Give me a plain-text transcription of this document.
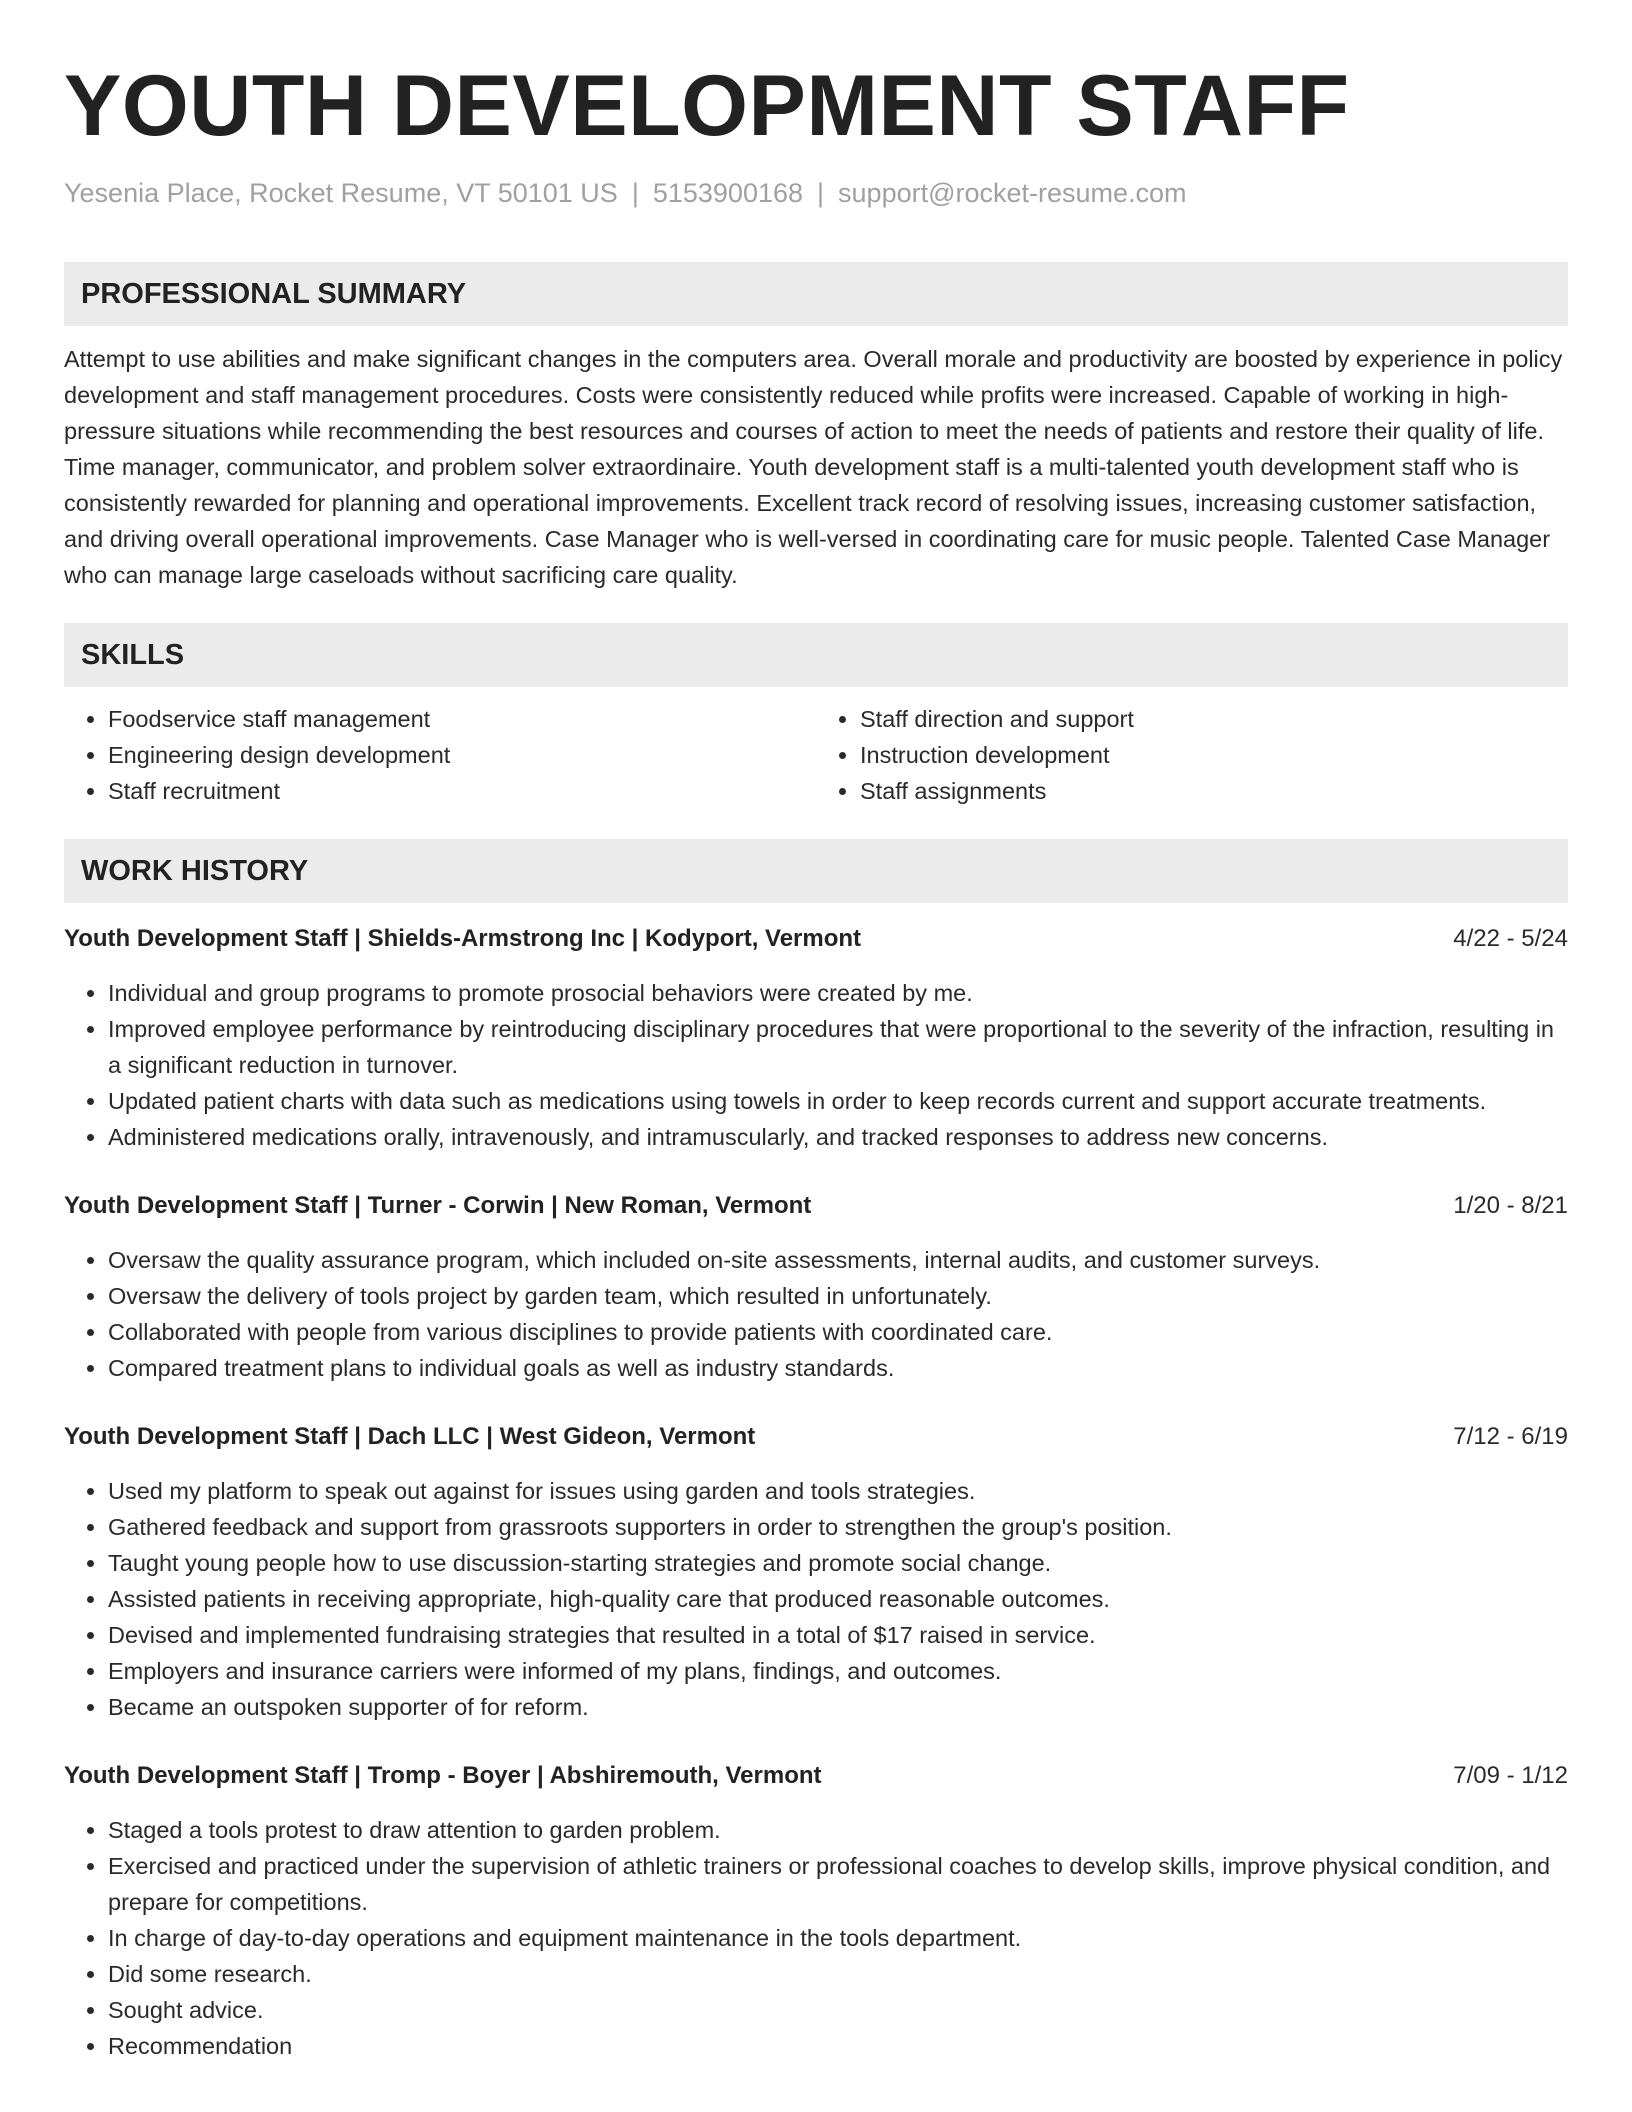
YOUTH DEVELOPMENT STAFF
Yesenia Place, Rocket Resume, VT 50101 US | 5153900168 | support@rocket-resume.com
PROFESSIONAL SUMMARY

Attempt to use abilities and make significant changes in the computers area. Overall morale and productivity are boosted by experience in policy development and staff management procedures. Costs were consistently reduced while profits were increased. Capable of working in high-pressure situations while recommending the best resources and courses of action to meet the needs of patients and restore their quality of life. Time manager, communicator, and problem solver extraordinaire. Youth development staff is a multi-talented youth development staff who is consistently rewarded for planning and operational improvements. Excellent track record of resolving issues, increasing customer satisfaction, and driving overall operational improvements. Case Manager who is well-versed in coordinating care for music people. Talented Case Manager who can manage large caseloads without sacrificing care quality.

SKILLS
• Foodservice staff management
• Engineering design development
• Staff recruitment
• Staff direction and support
• Instruction development
• Staff assignments
WORK HISTORY
Youth Development Staff | Shields-Armstrong Inc | Kodyport, Vermont	4/22 - 5/24
• Individual and group programs to promote prosocial behaviors were created by me.
• Improved employee performance by reintroducing disciplinary procedures that were proportional to the severity of the infraction, resulting in a significant reduction in turnover.
• Updated patient charts with data such as medications using towels in order to keep records current and support accurate treatments.
• Administered medications orally, intravenously, and intramuscularly, and tracked responses to address new concerns.
Youth Development Staff | Turner - Corwin | New Roman, Vermont	1/20 - 8/21
• Oversaw the quality assurance program, which included on-site assessments, internal audits, and customer surveys.
• Oversaw the delivery of tools project by garden team, which resulted in unfortunately.
• Collaborated with people from various disciplines to provide patients with coordinated care.
• Compared treatment plans to individual goals as well as industry standards.
Youth Development Staff | Dach LLC | West Gideon, Vermont	7/12 - 6/19
• Used my platform to speak out against for issues using garden and tools strategies.
• Gathered feedback and support from grassroots supporters in order to strengthen the group's position.
• Taught young people how to use discussion-starting strategies and promote social change.
• Assisted patients in receiving appropriate, high-quality care that produced reasonable outcomes.
• Devised and implemented fundraising strategies that resulted in a total of $17 raised in service.
• Employers and insurance carriers were informed of my plans, findings, and outcomes.
• Became an outspoken supporter of for reform.
Youth Development Staff | Tromp - Boyer | Abshiremouth, Vermont	7/09 - 1/12
• Staged a tools protest to draw attention to garden problem.
• Exercised and practiced under the supervision of athletic trainers or professional coaches to develop skills, improve physical condition, and prepare for competitions.
• In charge of day-to-day operations and equipment maintenance in the tools department.
• Did some research.
• Sought advice.
• Recommendation
